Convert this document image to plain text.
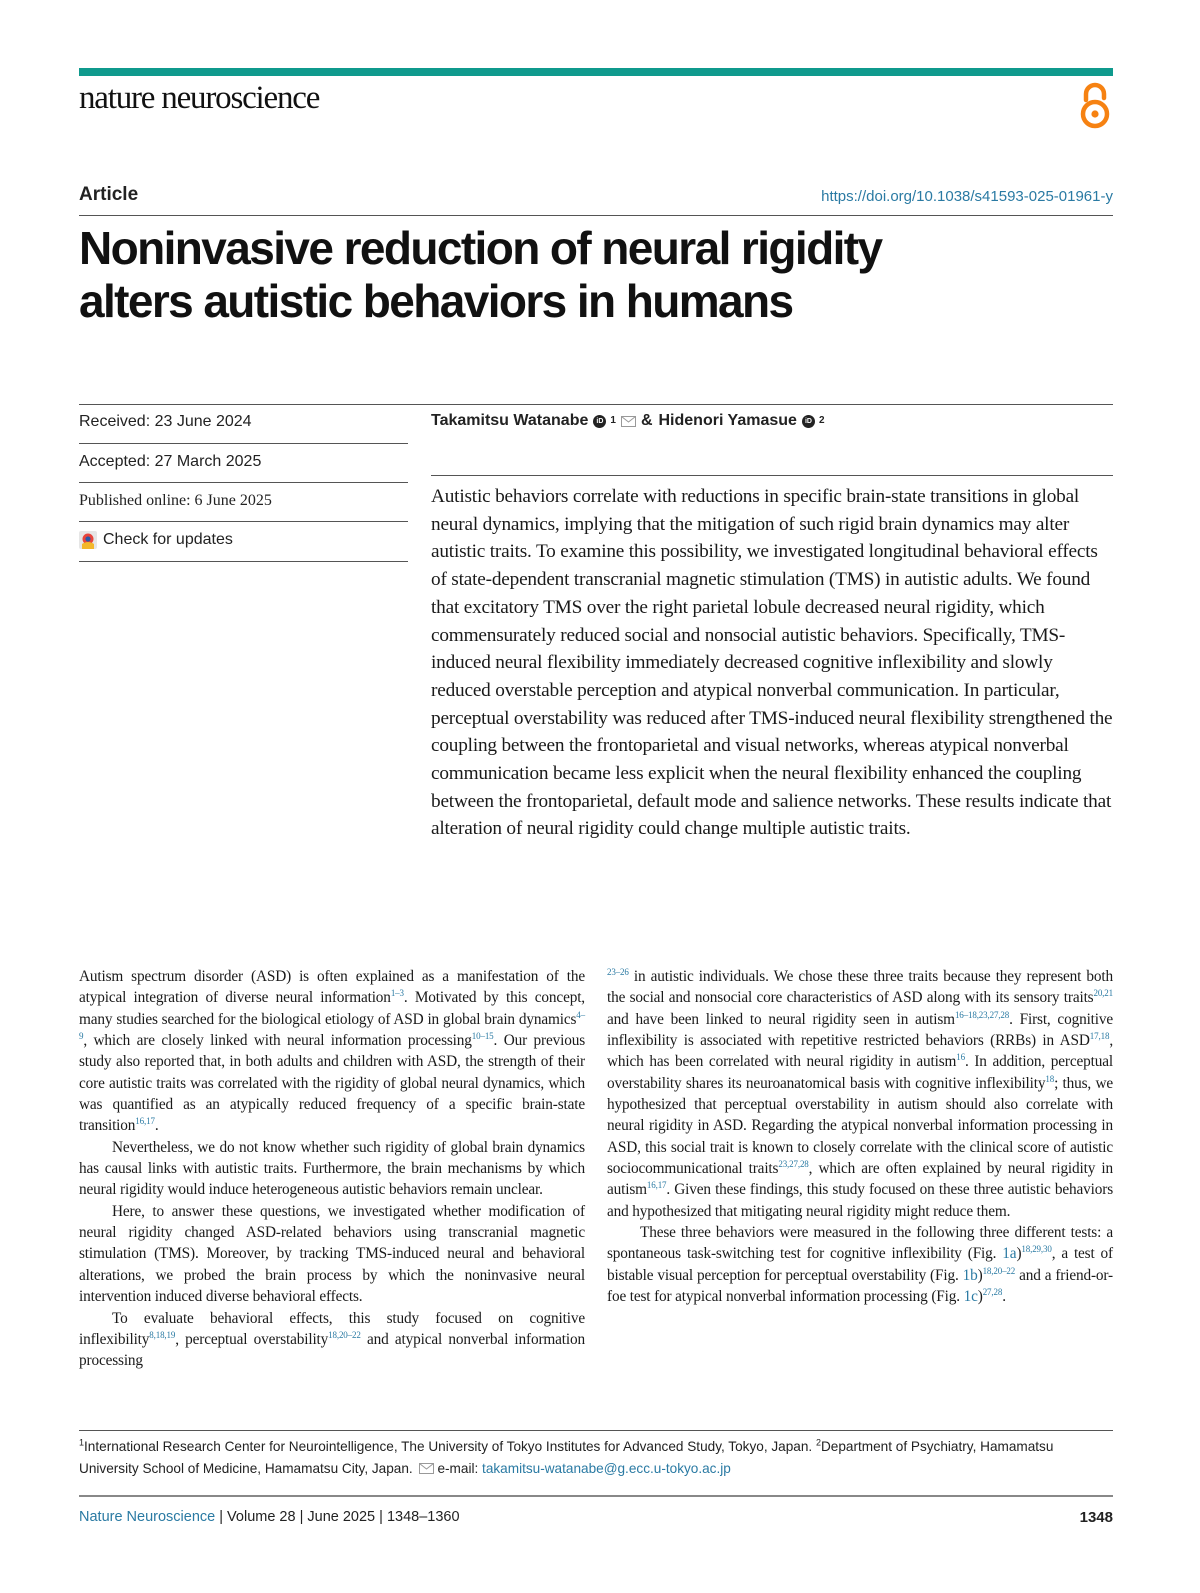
nature neuroscience
Article	https://doi.org/10.1038/s41593-025-01961-y
Noninvasive reduction of neural rigidity
alters autistic behaviors in humans
Received: 23 June 2024
Accepted: 27 March 2025
Published online: 6 June 2025
Check for updates
Takamitsu Watanabe	iD 1 & Hidenori Yamasue	iD 2
Autistic behaviors correlate with reductions in specific brain-state transitions in global neural dynamics, implying that the mitigation of such rigid brain dynamics may alter autistic traits. To examine this possibility, we investigated longitudinal behavioral effects of state-dependent transcranial magnetic stimulation (TMS) in autistic adults. We found that excitatory TMS over the right parietal lobule decreased neural rigidity, which commensurately reduced social and nonsocial autistic behaviors. Specifically, TMS-induced neural flexibility immediately decreased cognitive inflexibility and slowly reduced overstable perception and atypical nonverbal communication. In particular, perceptual overstability was reduced after TMS-induced neural flexibility strengthened the coupling between the frontoparietal and visual networks, whereas atypical nonverbal communication became less explicit when the neural flexibility enhanced the coupling between the frontoparietal, default mode and salience networks. These results indicate that alteration of neural rigidity could change multiple autistic traits.

Autism spectrum disorder (ASD) is often explained as a manifestation of the atypical integration of diverse neural information$^{1-3}$. Motivated by this concept, many studies searched for the biological etiology of ASD in global brain dynamics$^{4-9}$, which are closely linked with neural information processing$^{10-15}$. Our previous study also reported that, in both adults and children with ASD, the strength of their core autistic traits was correlated with the rigidity of global neural dynamics, which was quantified as an atypically reduced frequency of a specific brain-state transition$^{16,17}$.

Nevertheless, we do not know whether such rigidity of global brain dynamics has causal links with autistic traits. Furthermore, the brain mechanisms by which neural rigidity would induce heterogeneous autistic behaviors remain unclear.

Here, to answer these questions, we investigated whether modification of neural rigidity changed ASD-related behaviors using transcranial magnetic stimulation (TMS). Moreover, by tracking TMS-induced neural and behavioral alterations, we probed the brain process by which the noninvasive neural intervention induced diverse behavioral effects.

To evaluate behavioral effects, this study focused on cognitive inflexibility$^{8,18,19}$, perceptual overstability$^{18,20-22}$ and atypical nonverbal information processing

$^{23-26}$ in autistic individuals. We chose these three traits because they represent both the social and nonsocial core characteristics of ASD along with its sensory traits$^{20,21}$ and have been linked to neural rigidity seen in autism$^{16-18,23,27,28}$. First, cognitive inflexibility is associated with repetitive restricted behaviors (RRBs) in ASD$^{17,18}$, which has been correlated with neural rigidity in autism$^{16}$. In addition, perceptual overstability shares its neuroanatomical basis with cognitive inflexibility$^{18}$; thus, we hypothesized that perceptual overstability in autism should also correlate with neural rigidity in ASD. Regarding the atypical nonverbal information processing in ASD, this social trait is known to closely correlate with the clinical score of autistic sociocommunicational traits$^{23,27,28}$, which are often explained by neural rigidity in autism$^{16,17}$. Given these findings, this study focused on these three autistic behaviors and hypothesized that mitigating neural rigidity might reduce them.

These three behaviors were measured in the following three different tests: a spontaneous task-switching test for cognitive inflexibility (Fig. 1a)$^{18,29,30}$, a test of bistable visual perception for perceptual overstability (Fig. 1b)$^{18,20-22}$ and a friend-or-foe test for atypical nonverbal information processing (Fig. 1c)$^{27,28}$.

$^1$International Research Center for Neurointelligence, The University of Tokyo Institutes for Advanced Study, Tokyo, Japan. $^2$Department of Psychiatry, Hamamatsu University School of Medicine, Hamamatsu City, Japan. e-mail: takamitsu-watanabe@g.ecc.u-tokyo.ac.jp
Nature Neuroscience | Volume 28 | June 2025 | 1348–1360	1348
